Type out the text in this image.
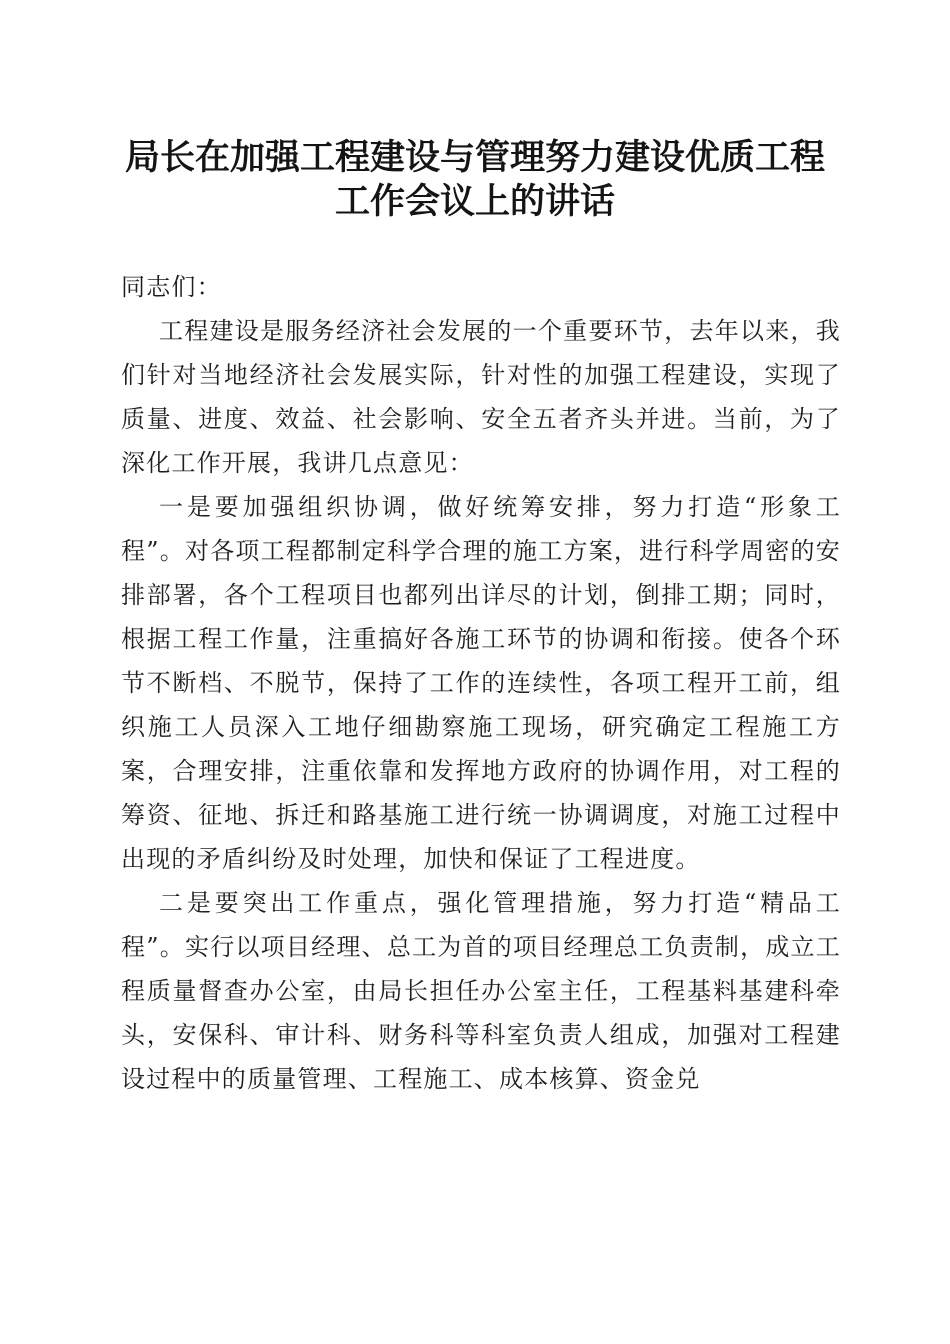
局长在加强工程建设与管理努力建设优质工程
工作会议上的讲话

同志们：

工程建设是服务经济社会发展的一个重要环节，去年以来，我们针对当地经济社会发展实际，针对性的加强工程建设，实现了质量、进度、效益、社会影响、安全五者齐头并进。当前，为了深化工作开展，我讲几点意见：

一是要加强组织协调，做好统筹安排，努力打造“形象工程”。对各项工程都制定科学合理的施工方案，进行科学周密的安排部署，各个工程项目也都列出详尽的计划，倒排工期；同时，根据工程工作量，注重搞好各施工环节的协调和衔接。使各个环节不断档、不脱节，保持了工作的连续性，各项工程开工前，组织施工人员深入工地仔细勘察施工现场，研究确定工程施工方案，合理安排，注重依靠和发挥地方政府的协调作用，对工程的筹资、征地、拆迁和路基施工进行统一协调调度，对施工过程中出现的矛盾纠纷及时处理，加快和保证了工程进度。

二是要突出工作重点，强化管理措施，努力打造“精品工程”。实行以项目经理、总工为首的项目经理总工负责制，成立工程质量督查办公室，由局长担任办公室主任，工程基料基建科牵头，安保科、审计科、财务科等科室负责人组成，加强对工程建设过程中的质量管理、工程施工、成本核算、资金兑
